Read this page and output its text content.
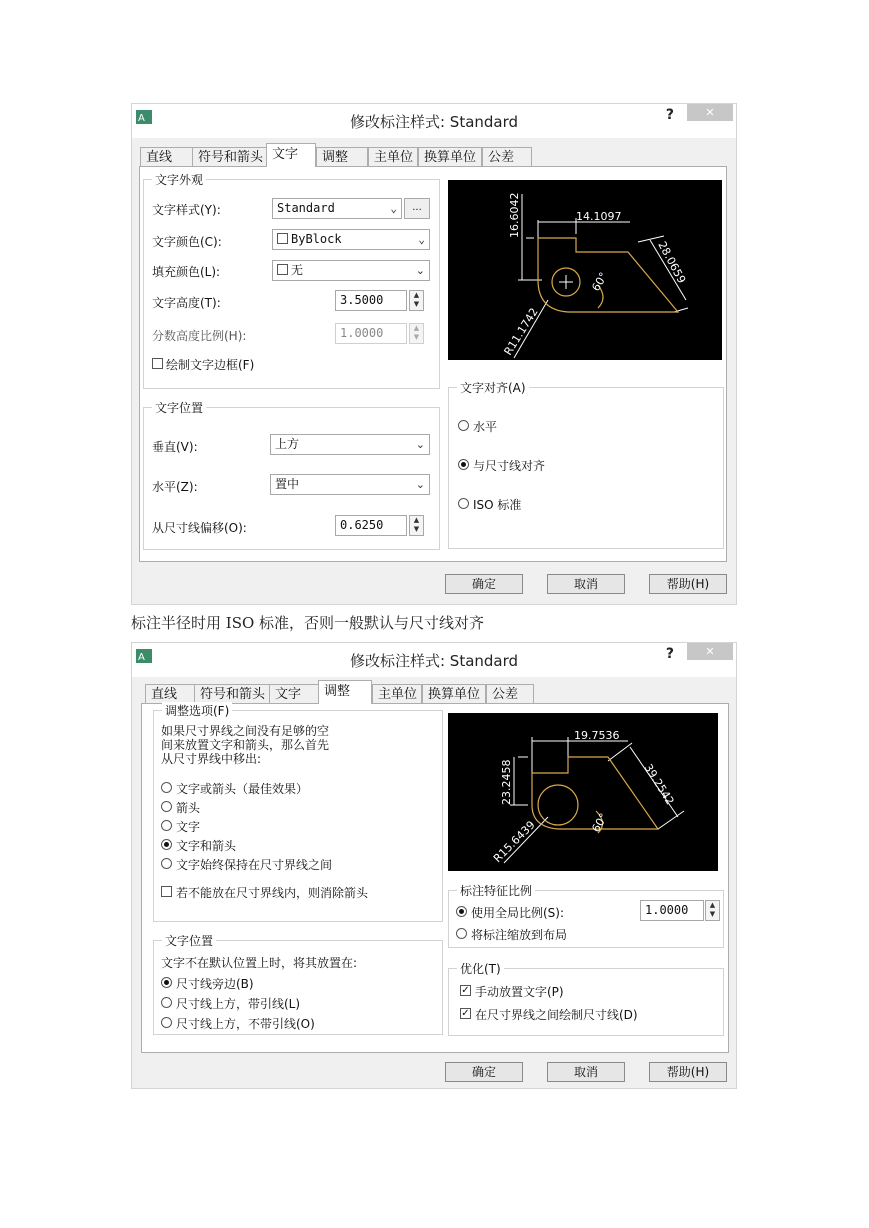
A	修改标注样式: Standard	?	✕
直线	符号和箭头 文字	调整	主单位 换算单位 公差
文字外观
文字样式(Y):	Standard	⌄	...
文字颜色(C):	ByBlock	⌄
填充颜色(L):	无	⌄
文字高度(T):	3.5000	▲
▼
分数高度比例(H):	1.0000	▲
▼
绘制文字边框(F)
文字位置
垂直(V):	上方	⌄
水平(Z):	置中	⌄
从尺寸线偏移(O):	0.6250	▲
▼
14.1097
16.6042
28.0659
60°
R11.1742
文字对齐(A)
水平
与尺寸线对齐
ISO 标准
确定	取消	帮助(H)
标注半径时用 ISO 标准，否则一般默认与尺寸线对齐
A	修改标注样式: Standard	?	✕
直线	符号和箭头 文字	调整	主单位 换算单位 公差
调整选项(F)
如果尺寸界线之间没有足够的空
间来放置文字和箭头，那么首先
从尺寸界线中移出:
文字或箭头（最佳效果）
箭头
文字
文字和箭头
文字始终保持在尺寸界线之间
若不能放在尺寸界线内，则消除箭头
文字位置
文字不在默认位置上时，将其放置在:
尺寸线旁边(B)
尺寸线上方，带引线(L)
尺寸线上方，不带引线(O)
19.7536
23.2458	39.2542
60°
R15.6439
标注特征比例
使用全局比例(S):	1.0000	▲
▼
将标注缩放到布局
优化(T)
✓ 手动放置文字(P)
✓ 在尺寸界线之间绘制尺寸线(D)
确定	取消	帮助(H)
